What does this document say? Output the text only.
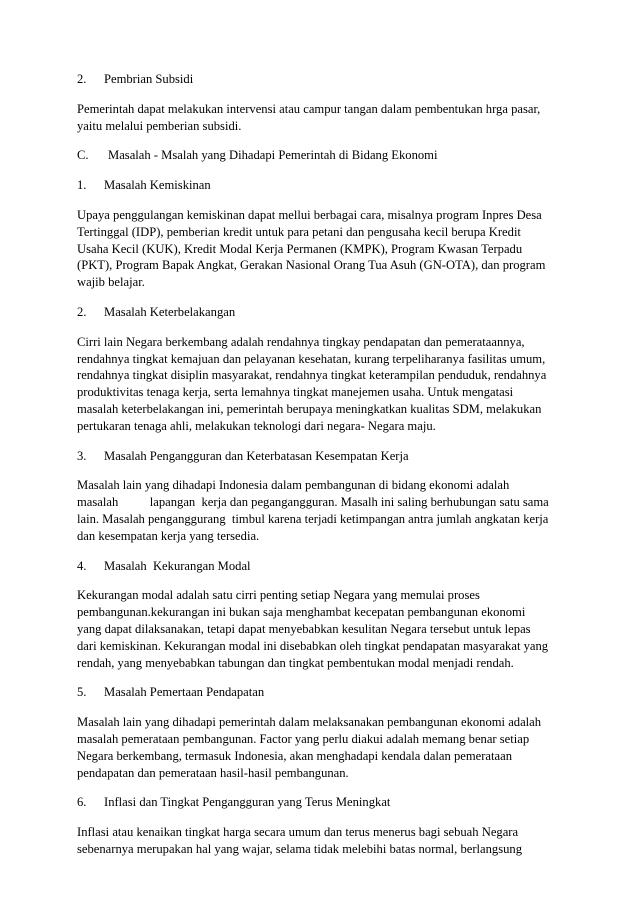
2.	Pembrian Subsidi
Pemerintah dapat melakukan intervensi atau campur tangan dalam pembentukan hrga pasar,
yaitu melalui pemberian subsidi.
C.	Masalah - Msalah yang Dihadapi Pemerintah di Bidang Ekonomi
1.	Masalah Kemiskinan
Upaya penggulangan kemiskinan dapat mellui berbagai cara, misalnya program Inpres Desa
Tertinggal (IDP), pemberian kredit untuk para petani dan pengusaha kecil berupa Kredit
Usaha Kecil (KUK), Kredit Modal Kerja Permanen (KMPK), Program Kwasan Terpadu
(PKT), Program Bapak Angkat, Gerakan Nasional Orang Tua Asuh (GN-OTA), dan program
wajib belajar.
2.	Masalah Keterbelakangan
Cirri lain Negara berkembang adalah rendahnya tingkay pendapatan dan pemerataannya,
rendahnya tingkat kemajuan dan pelayanan kesehatan, kurang terpeliharanya fasilitas umum,
rendahnya tingkat disiplin masyarakat, rendahnya tingkat keterampilan penduduk, rendahnya
produktivitas tenaga kerja, serta lemahnya tingkat manejemen usaha. Untuk mengatasi
masalah keterbelakangan ini, pemerintah berupaya meningkatkan kualitas SDM, melakukan
pertukaran tenaga ahli, melakukan teknologi dari negara- Negara maju.
3.	Masalah Pengangguran dan Keterbatasan Kesempatan Kerja
Masalah lain yang dihadapi Indonesia dalam pembangunan di bidang ekonomi adalah
masalah          lapangan  kerja dan pegangangguran. Masalh ini saling berhubungan satu sama
lain. Masalah penganggurang  timbul karena terjadi ketimpangan antra jumlah angkatan kerja
dan kesempatan kerja yang tersedia.
4.	Masalah  Kekurangan Modal
Kekurangan modal adalah satu cirri penting setiap Negara yang memulai proses
pembangunan.kekurangan ini bukan saja menghambat kecepatan pembangunan ekonomi
yang dapat dilaksanakan, tetapi dapat menyebabkan kesulitan Negara tersebut untuk lepas
dari kemiskinan. Kekurangan modal ini disebabkan oleh tingkat pendapatan masyarakat yang
rendah, yang menyebabkan tabungan dan tingkat pembentukan modal menjadi rendah.
5.	Masalah Pemertaan Pendapatan
Masalah lain yang dihadapi pemerintah dalam melaksanakan pembangunan ekonomi adalah
masalah pemerataan pembangunan. Factor yang perlu diakui adalah memang benar setiap
Negara berkembang, termasuk Indonesia, akan menghadapi kendala dalan pemerataan
pendapatan dan pemerataan hasil-hasil pembangunan.
6.	Inflasi dan Tingkat Pengangguran yang Terus Meningkat
Inflasi atau kenaikan tingkat harga secara umum dan terus menerus bagi sebuah Negara
sebenarnya merupakan hal yang wajar, selama tidak melebihi batas normal, berlangsung
